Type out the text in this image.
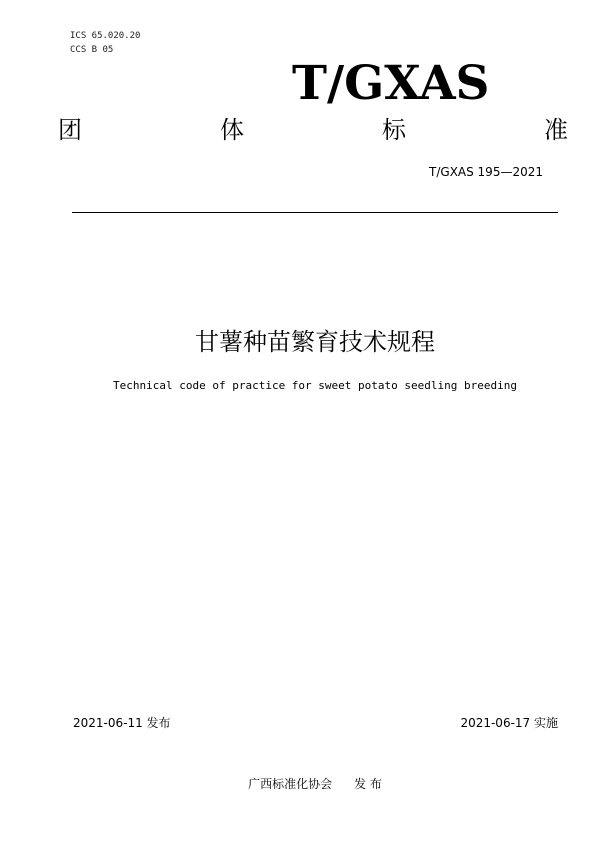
ICS 65.020.20
CCS B 05
T/GXAS
团	体	标	准
T/GXAS 195—2021
甘薯种苗繁育技术规程
Technical code of practice for sweet potato seedling breeding
2021-06-11 发布	2021-06-17 实施
广西标准化协会 发 布
